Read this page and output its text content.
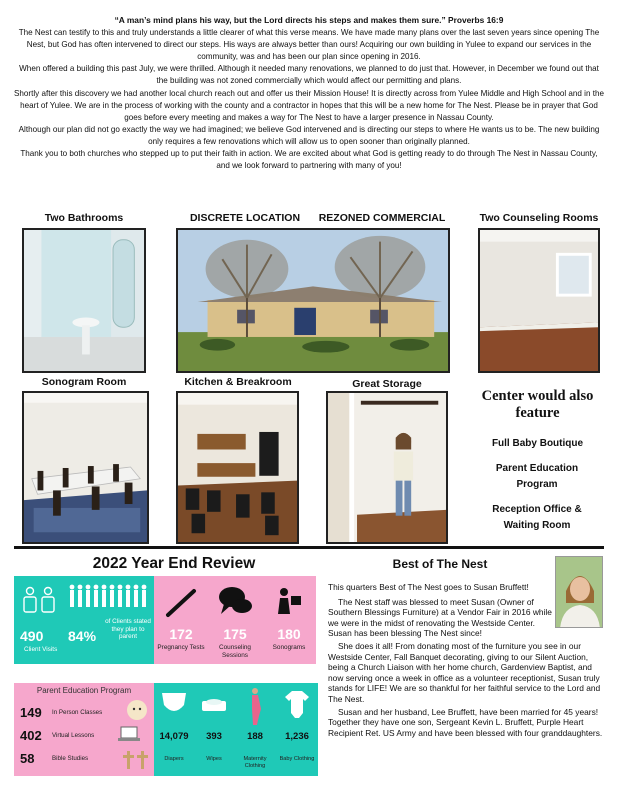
“A man’s mind plans his way, but the Lord directs his steps and makes them sure.” Proverbs 16:9

The Nest can testify to this and truly understands a little clearer of what this verse means. We have made many plans over the last seven years since opening The Nest, but God has often intervened to direct our steps. His ways are always better than ours! Acquiring our own building in Yulee to expand our services in the community, was and has been our plan since opening in 2016.

When offered a building this past July, we were thrilled. Although it needed many renovations, we planned to do just that. However, in December we found out that the building was not zoned commercially which would affect our permitting and plans.

Shortly after this discovery we had another local church reach out and offer us their Mission House! It is directly across from Yulee Middle and High School and in the heart of Yulee. We are in the process of working with the county and a contractor in hopes that this will be a new home for The Nest. Please be in prayer that God goes before every meeting and makes a way for The Nest to have a larger presence in Nassau County.

Although our plan did not go exactly the way we had imagined; we believe God intervened and is directing our steps to where He wants us to be. The new building only requires a few renovations which will allow us to open sooner than originally planned.

Thank you to both churches who stepped up to put their faith in action. We are excited about what God is getting ready to do through The Nest in Nassau County, and we look forward to partnering with many of you!

Two Bathrooms	DISCRETE LOCATION	REZONED COMMERCIAL	Two Counseling Rooms
Sonogram Room	Kitchen & Breakroom	Great Storage
Center would also feature
Full Baby Boutique
Parent Education Program
Reception Office & Waiting Room
2022 Year End Review
490
Client Visits
84%
of Clients stated they plan to parent	172
Pregnancy Tests
175
Counseling Sessions
180
Sonograms
Parent Education Program
149	In Person Classes
402	Virtual Lessons
58	Bible Studies
14,079
Diapers
393
Wipes
188
Maternity Clothing
1,236
Baby Clothing
Best of The Nest

This quarters Best of The Nest goes to Susan Bruffett!

The Nest staff was blessed to meet Susan (Owner of Southern Blessings Furniture) at a Vendor Fair in 2016 while we were in the midst of renovating the Westside Center. Susan has been blessing The Nest since!

She does it all! From donating most of the furniture you see in our Westside Center, Fall Banquet decorating, giving to our Silent Auction, being a Church Liaison with her home church, Gardenview Baptist, and now serving once a week in office as a volunteer receptionist, Susan truly stands for LIFE! We are so thankful for her faithful service to the Lord and The Nest.

Susan and her husband, Lee Bruffett, have been married for 45 years! Together they have one son, Sergeant Kevin L. Bruffett, Purple Heart Recipient Ret. US Army and have been blessed with four granddaughters.
